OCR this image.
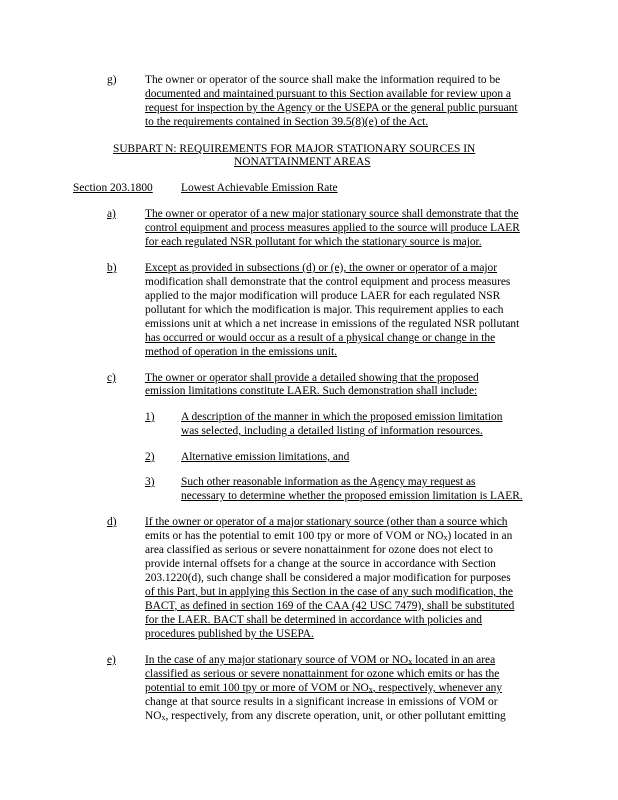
g)	The owner or operator of the source shall make the information required to be
documented and maintained pursuant to this Section available for review upon a
request for inspection by the Agency or the USEPA or the general public pursuant
to the requirements contained in Section 39.5(8)(e) of the Act.
SUBPART N: REQUIREMENTS FOR MAJOR STATIONARY SOURCES IN
NONATTAINMENT AREAS
Section 203.1800 Lowest Achievable Emission Rate
a)	The owner or operator of a new major stationary source shall demonstrate that the
control equipment and process measures applied to the source will produce LAER
for each regulated NSR pollutant for which the stationary source is major.
b)	Except as provided in subsections (d) or (e), the owner or operator of a major
modification shall demonstrate that the control equipment and process measures
applied to the major modification will produce LAER for each regulated NSR
pollutant for which the modification is major. This requirement applies to each
emissions unit at which a net increase in emissions of the regulated NSR pollutant
has occurred or would occur as a result of a physical change or change in the
method of operation in the emissions unit.
c)	The owner or operator shall provide a detailed showing that the proposed
emission limitations constitute LAER. Such demonstration shall include:
1) A description of the manner in which the proposed emission limitation
was selected, including a detailed listing of information resources.
2) Alternative emission limitations, and
3) Such other reasonable information as the Agency may request as
necessary to determine whether the proposed emission limitation is LAER.
d)	If the owner or operator of a major stationary source (other than a source which
emits or has the potential to emit 100 tpy or more of VOM or $NO_x$) located in an
area classified as serious or severe nonattainment for ozone does not elect to
provide internal offsets for a change at the source in accordance with Section
203.1220(d), such change shall be considered a major modification for purposes
of this Part, but in applying this Section in the case of any such modification, the
BACT, as defined in section 169 of the CAA (42 USC 7479), shall be substituted
for the LAER. BACT shall be determined in accordance with policies and
procedures published by the USEPA.
e)	In the case of any major stationary source of VOM or $NO_x$ located in an area
classified as serious or severe nonattainment for ozone which emits or has the
potential to emit 100 tpy or more of VOM or $NO_x$, respectively, whenever any
change at that source results in a significant increase in emissions of VOM or
$NO_x$, respectively, from any discrete operation, unit, or other pollutant emitting
